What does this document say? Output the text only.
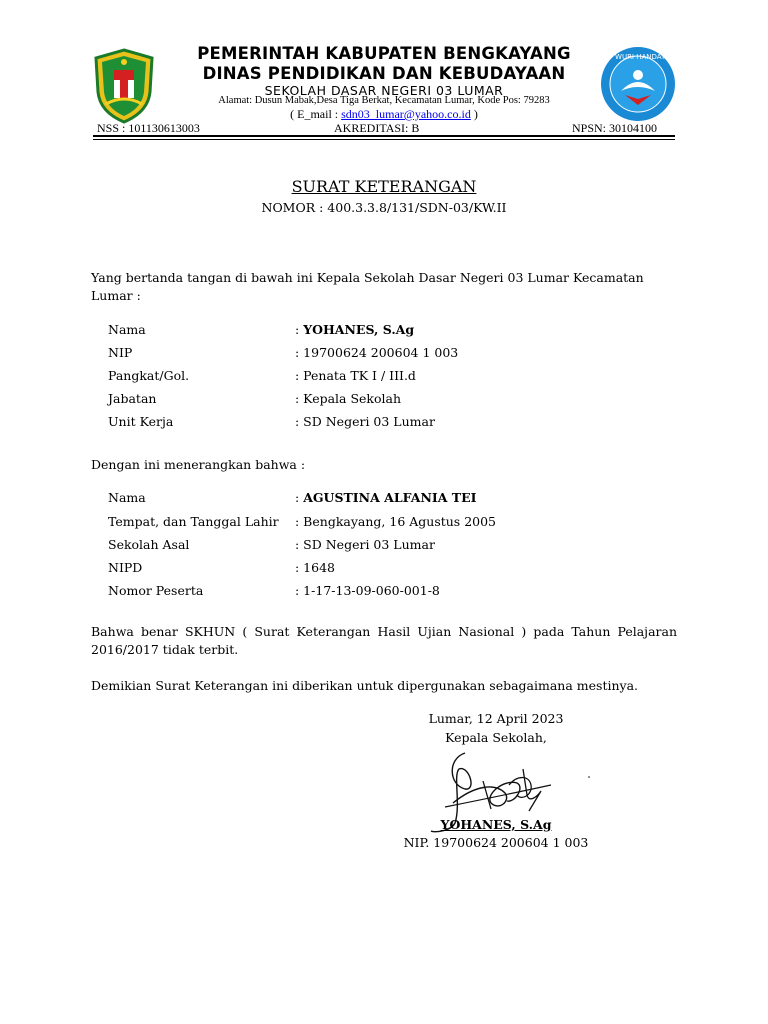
TUT WURI HANDAYANI
PEMERINTAH KABUPATEN BENGKAYANG
DINAS PENDIDIKAN DAN KEBUDAYAAN
SEKOLAH DASAR NEGERI 03 LUMAR
Alamat: Dusun Mabak,Desa Tiga Berkat, Kecamatan Lumar, Kode Pos: 79283
( E_mail : sdn03_lumar@yahoo.co.id )
NSS : 101130613003	AKREDITASI: B	NPSN: 30104100
SURAT KETERANGAN
NOMOR : 400.3.3.8/131/SDN-03/KW.II
Yang bertanda tangan di bawah ini Kepala Sekolah Dasar Negeri 03 Lumar Kecamatan Lumar :
Nama	: YOHANES, S.Ag
NIP	: 19700624 200604 1 003
Pangkat/Gol.	: Penata TK I / III.d
Jabatan	: Kepala Sekolah
Unit Kerja	: SD Negeri 03 Lumar
Dengan ini menerangkan bahwa :
Nama	: AGUSTINA ALFANIA TEI
Tempat, dan Tanggal Lahir : Bengkayang, 16 Agustus 2005
Sekolah Asal	: SD Negeri 03 Lumar
NIPD	: 1648
Nomor Peserta	: 1-17-13-09-060-001-8
Bahwa benar SKHUN ( Surat Keterangan Hasil Ujian Nasional ) pada Tahun Pelajaran 2016/2017 tidak terbit.
Demikian Surat Keterangan ini diberikan untuk dipergunakan sebagaimana mestinya.
Lumar, 12 April 2023
Kepala Sekolah,
YOHANES, S.Ag
NIP. 19700624 200604 1 003
